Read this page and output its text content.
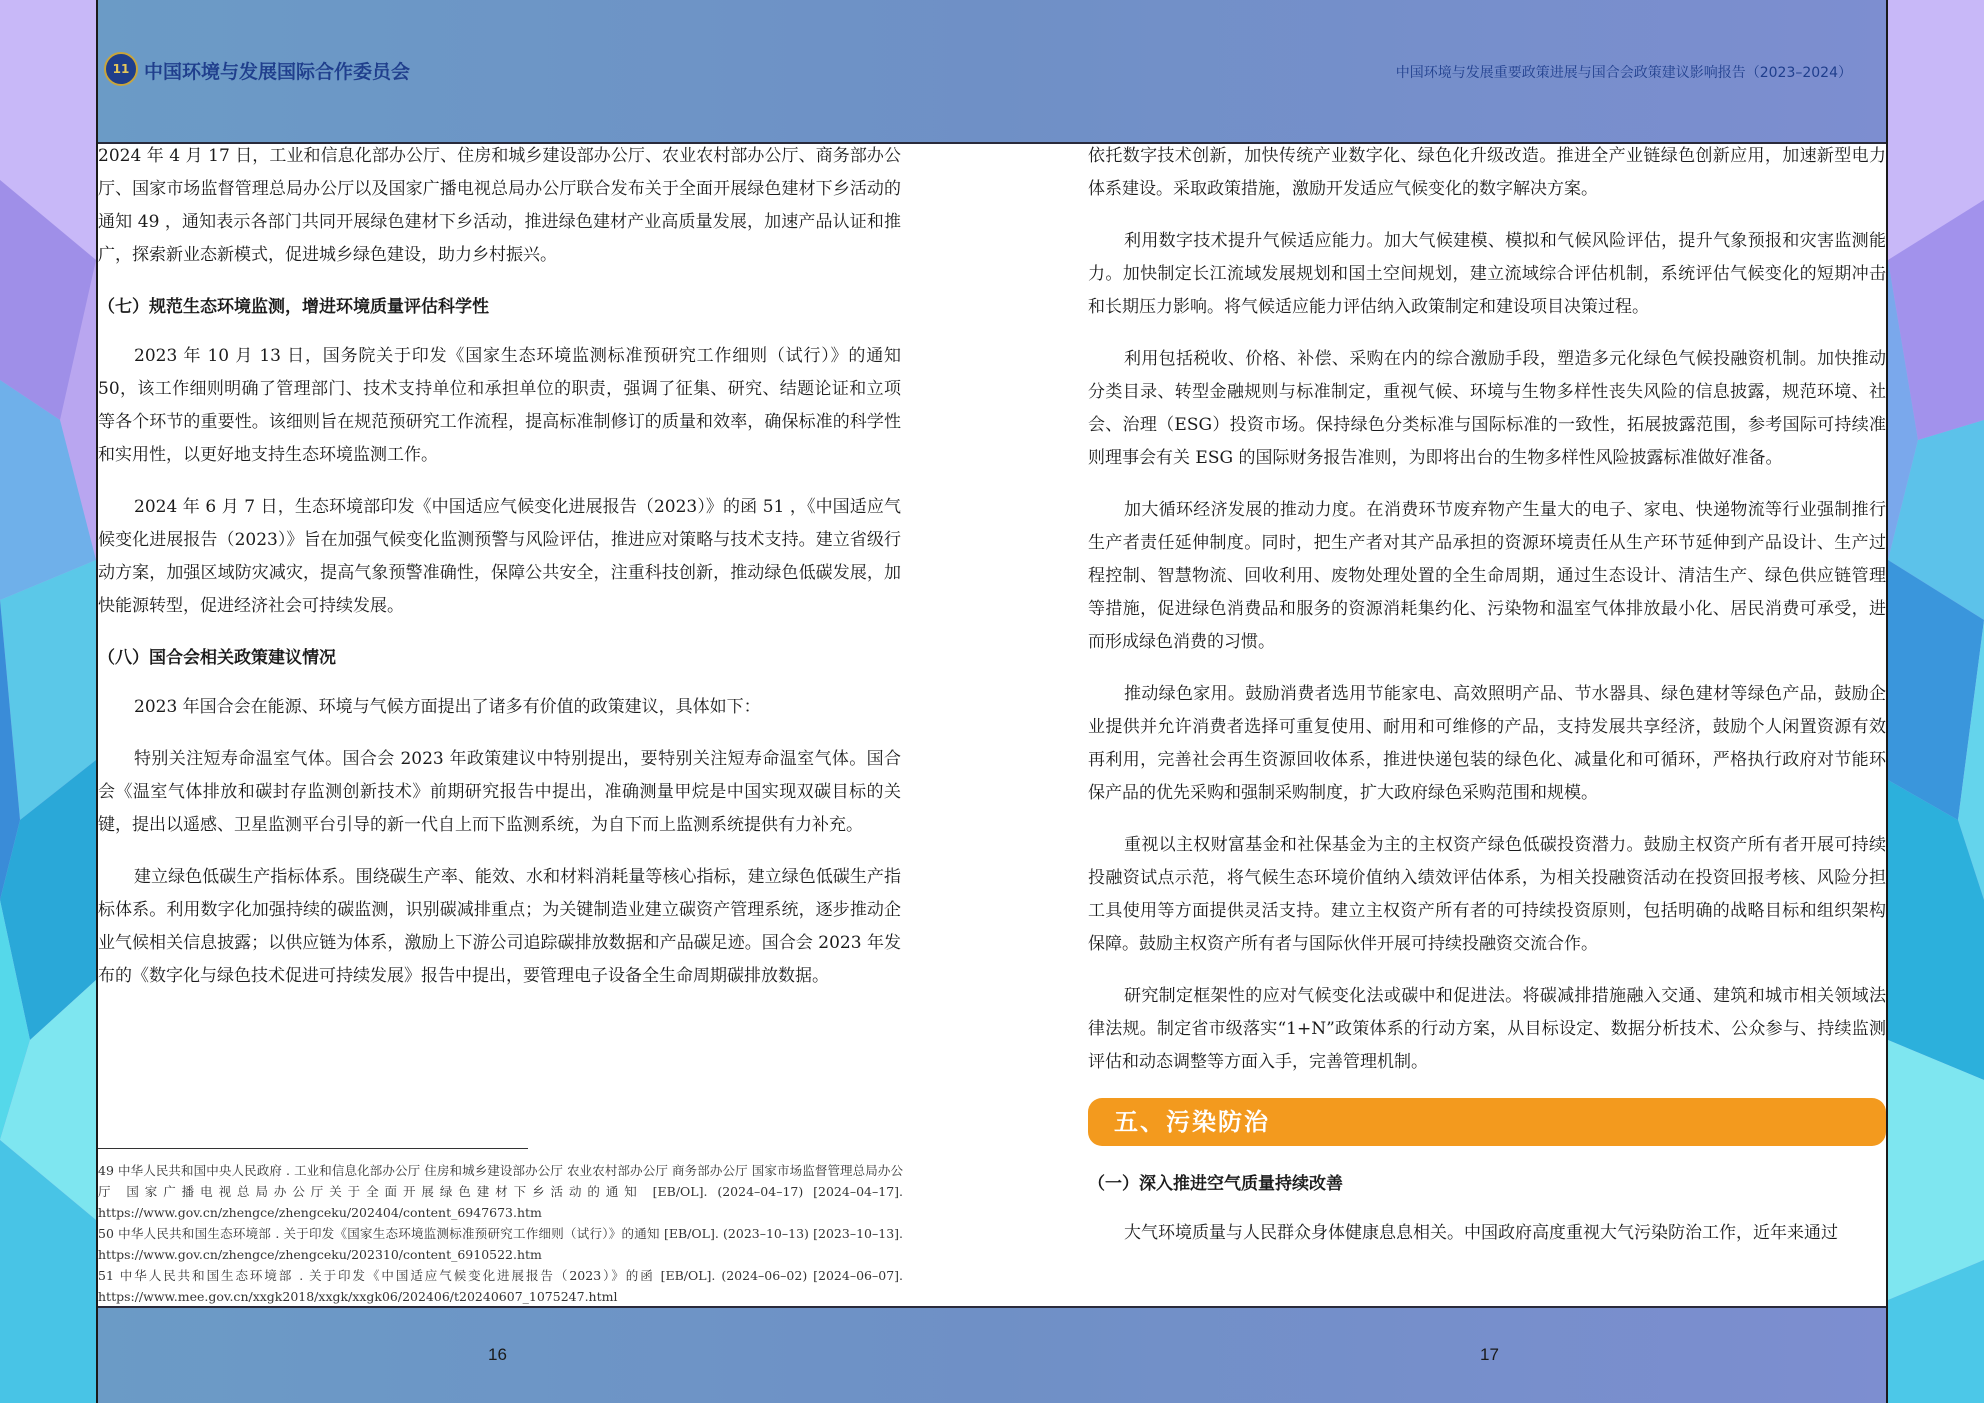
11 中国环境与发展国际合作委员会	中国环境与发展重要政策进展与国合会政策建议影响报告（2023–2024）

2024 年 4 月 17 日，工业和信息化部办公厅、住房和城乡建设部办公厅、农业农村部办公厅、商务部办公厅、国家市场监督管理总局办公厅以及国家广播电视总局办公厅联合发布关于全面开展绿色建材下乡活动的通知 49 ，通知表示各部门共同开展绿色建材下乡活动，推进绿色建材产业高质量发展，加速产品认证和推广，探索新业态新模式，促进城乡绿色建设，助力乡村振兴。

（七）规范生态环境监测，增进环境质量评估科学性

2023 年 10 月 13 日，国务院关于印发《国家生态环境监测标准预研究工作细则（试行）》的通知 50，该工作细则明确了管理部门、技术支持单位和承担单位的职责，强调了征集、研究、结题论证和立项等各个环节的重要性。该细则旨在规范预研究工作流程，提高标准制修订的质量和效率，确保标准的科学性和实用性，以更好地支持生态环境监测工作。

2024 年 6 月 7 日，生态环境部印发《中国适应气候变化进展报告（2023）》的函 51 ，《中国适应气候变化进展报告（2023）》旨在加强气候变化监测预警与风险评估，推进应对策略与技术支持。建立省级行动方案，加强区域防灾减灾，提高气象预警准确性，保障公共安全，注重科技创新，推动绿色低碳发展，加快能源转型，促进经济社会可持续发展。

（八）国合会相关政策建议情况

2023 年国合会在能源、环境与气候方面提出了诸多有价值的政策建议，具体如下：

特别关注短寿命温室气体。国合会 2023 年政策建议中特别提出，要特别关注短寿命温室气体。国合会《温室气体排放和碳封存监测创新技术》前期研究报告中提出，准确测量甲烷是中国实现双碳目标的关键，提出以遥感、卫星监测平台引导的新一代自上而下监测系统，为自下而上监测系统提供有力补充。

建立绿色低碳生产指标体系。围绕碳生产率、能效、水和材料消耗量等核心指标，建立绿色低碳生产指标体系。利用数字化加强持续的碳监测，识别碳减排重点；为关键制造业建立碳资产管理系统，逐步推动企业气候相关信息披露；以供应链为体系，激励上下游公司追踪碳排放数据和产品碳足迹。国合会 2023 年发布的《数字化与绿色技术促进可持续发展》报告中提出，要管理电子设备全生命周期碳排放数据。

49 中华人民共和国中央人民政府 . 工业和信息化部办公厅 住房和城乡建设部办公厅 农业农村部办公厅 商务部办公厅 国家市场监督管理总局办公厅 国家广播电视总局办公厅关于全面开展绿色建材下乡活动的通知 [EB/OL]. (2024–04–17) [2024–04–17]. https://www.gov.cn/zhengce/zhengceku/202404/content_6947673.htm
50 中华人民共和国生态环境部 . 关于印发《国家生态环境监测标准预研究工作细则（试行）》的通知 [EB/OL]. (2023–10–13) [2023–10–13]. https://www.gov.cn/zhengce/zhengceku/202310/content_6910522.htm
51 中华人民共和国生态环境部 . 关于印发《中国适应气候变化进展报告（2023）》的函 [EB/OL]. (2024–06–02) [2024–06–07]. https://www.mee.gov.cn/xxgk2018/xxgk/xxgk06/202406/t20240607_1075247.html

依托数字技术创新，加快传统产业数字化、绿色化升级改造。推进全产业链绿色创新应用，加速新型电力体系建设。采取政策措施，激励开发适应气候变化的数字解决方案。

利用数字技术提升气候适应能力。加大气候建模、模拟和气候风险评估，提升气象预报和灾害监测能力。加快制定长江流域发展规划和国土空间规划，建立流域综合评估机制，系统评估气候变化的短期冲击和长期压力影响。将气候适应能力评估纳入政策制定和建设项目决策过程。

利用包括税收、价格、补偿、采购在内的综合激励手段，塑造多元化绿色气候投融资机制。加快推动分类目录、转型金融规则与标准制定，重视气候、环境与生物多样性丧失风险的信息披露，规范环境、社会、治理（ESG）投资市场。保持绿色分类标准与国际标准的一致性，拓展披露范围，参考国际可持续准则理事会有关 ESG 的国际财务报告准则，为即将出台的生物多样性风险披露标准做好准备。

加大循环经济发展的推动力度。在消费环节废弃物产生量大的电子、家电、快递物流等行业强制推行生产者责任延伸制度。同时，把生产者对其产品承担的资源环境责任从生产环节延伸到产品设计、生产过程控制、智慧物流、回收利用、废物处理处置的全生命周期，通过生态设计、清洁生产、绿色供应链管理等措施，促进绿色消费品和服务的资源消耗集约化、污染物和温室气体排放最小化、居民消费可承受，进而形成绿色消费的习惯。

推动绿色家用。鼓励消费者选用节能家电、高效照明产品、节水器具、绿色建材等绿色产品，鼓励企业提供并允许消费者选择可重复使用、耐用和可维修的产品，支持发展共享经济，鼓励个人闲置资源有效再利用，完善社会再生资源回收体系，推进快递包装的绿色化、减量化和可循环，严格执行政府对节能环保产品的优先采购和强制采购制度，扩大政府绿色采购范围和规模。

重视以主权财富基金和社保基金为主的主权资产绿色低碳投资潜力。鼓励主权资产所有者开展可持续投融资试点示范，将气候生态环境价值纳入绩效评估体系，为相关投融资活动在投资回报考核、风险分担工具使用等方面提供灵活支持。建立主权资产所有者的可持续投资原则，包括明确的战略目标和组织架构保障。鼓励主权资产所有者与国际伙伴开展可持续投融资交流合作。

研究制定框架性的应对气候变化法或碳中和促进法。将碳减排措施融入交通、建筑和城市相关领域法律法规。制定省市级落实“1+N”政策体系的行动方案，从目标设定、数据分析技术、公众参与、持续监测评估和动态调整等方面入手，完善管理机制。

五、污染防治
（一）深入推进空气质量持续改善

大气环境质量与人民群众身体健康息息相关。中国政府高度重视大气污染防治工作，近年来通过

16	17
